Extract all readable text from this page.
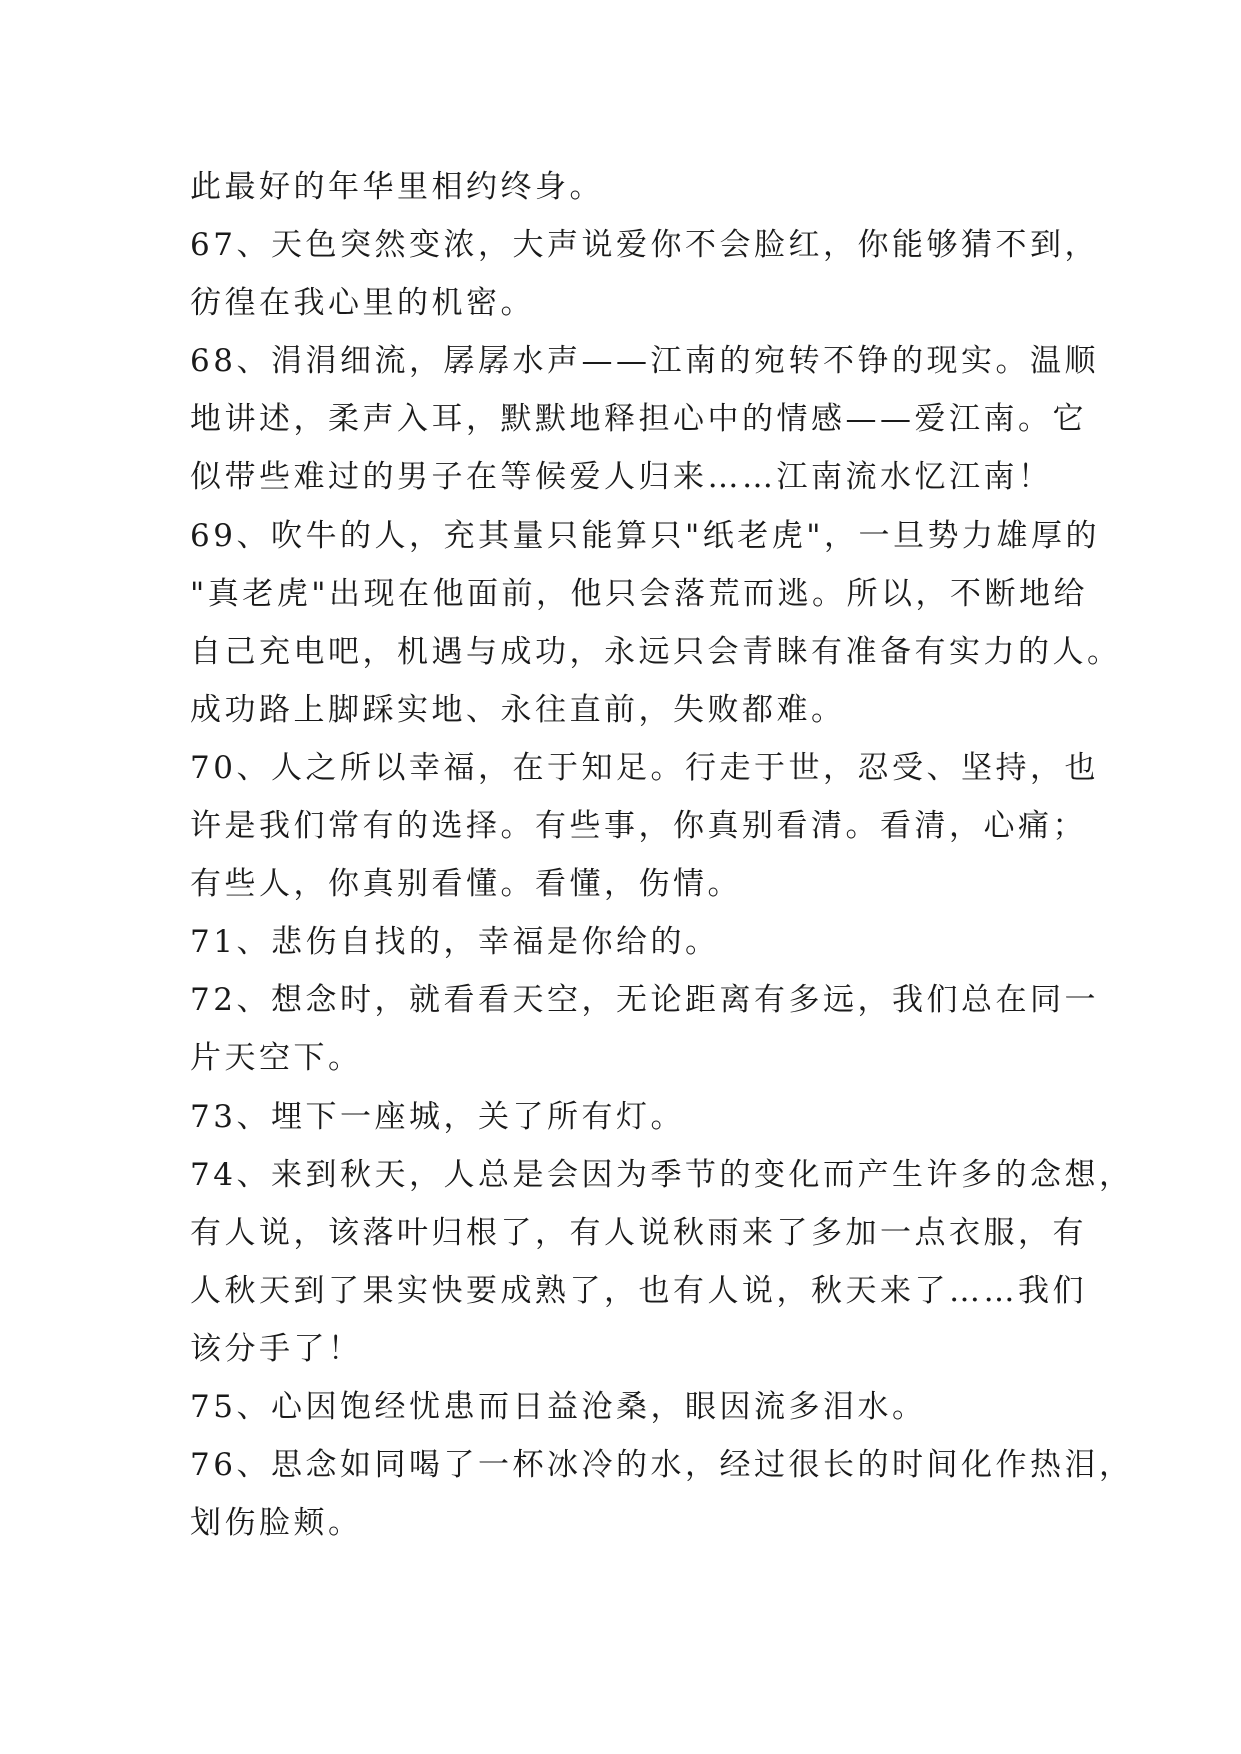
此最好的年华里相约终身。
67、天色突然变浓，大声说爱你不会脸红，你能够猜不到，
彷徨在我心里的机密。
68、涓涓细流，孱孱水声——江南的宛转不铮的现实。温顺
地讲述，柔声入耳，默默地释担心中的情感——爱江南。它
似带些难过的男子在等候爱人归来……江南流水忆江南！
69、吹牛的人，充其量只能算只"纸老虎"，一旦势力雄厚的
"真老虎"出现在他面前，他只会落荒而逃。所以，不断地给
自己充电吧，机遇与成功，永远只会青睐有准备有实力的人。
成功路上脚踩实地、永往直前，失败都难。
70、人之所以幸福，在于知足。行走于世，忍受、坚持，也
许是我们常有的选择。有些事，你真别看清。看清，心痛；
有些人，你真别看懂。看懂，伤情。
71、悲伤自找的，幸福是你给的。
72、想念时，就看看天空，无论距离有多远，我们总在同一
片天空下。
73、埋下一座城，关了所有灯。
74、来到秋天，人总是会因为季节的变化而产生许多的念想，
有人说，该落叶归根了，有人说秋雨来了多加一点衣服，有
人秋天到了果实快要成熟了，也有人说，秋天来了……我们
该分手了！
75、心因饱经忧患而日益沧桑，眼因流多泪水。
76、思念如同喝了一杯冰冷的水，经过很长的时间化作热泪，
划伤脸颊。
